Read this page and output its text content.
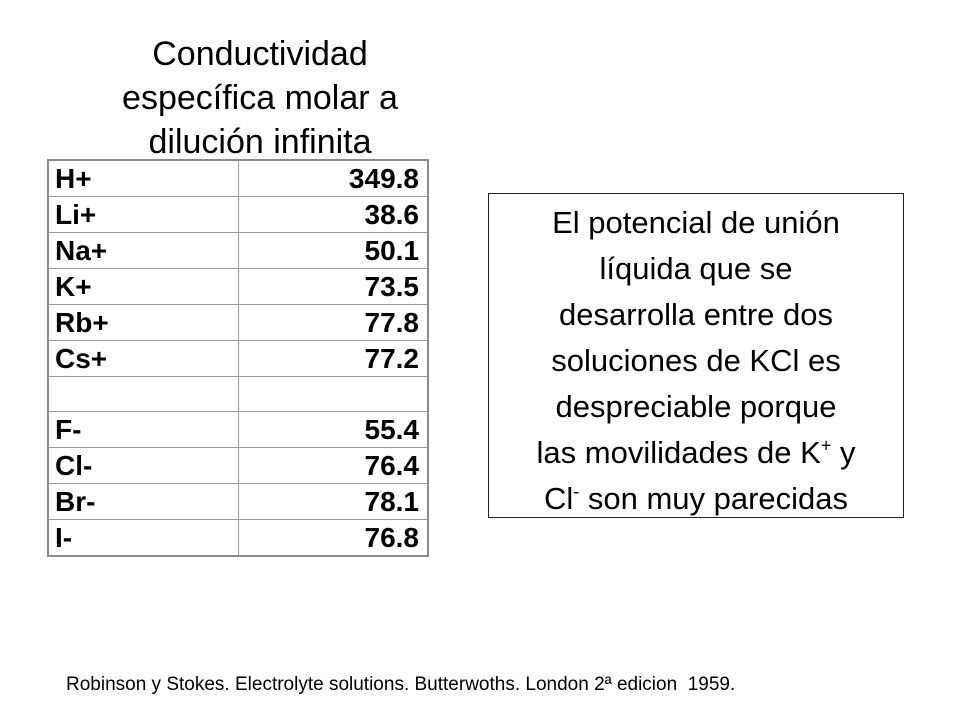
Conductividad
específica molar a
dilución infinita
H+	349.8
Li+	38.6
Na+	50.1
K+	73.5
Rb+	77.8
Cs+	77.2

F-	55.4
Cl-	76.4
Br-	78.1
I-	76.8
El potencial de unión
líquida que se
desarrolla entre dos
soluciones de KCl es
despreciable porque
las movilidades de K+ y
Cl- son muy parecidas
Robinson y Stokes. Electrolyte solutions. Butterwoths. London 2ª edicion  1959.
